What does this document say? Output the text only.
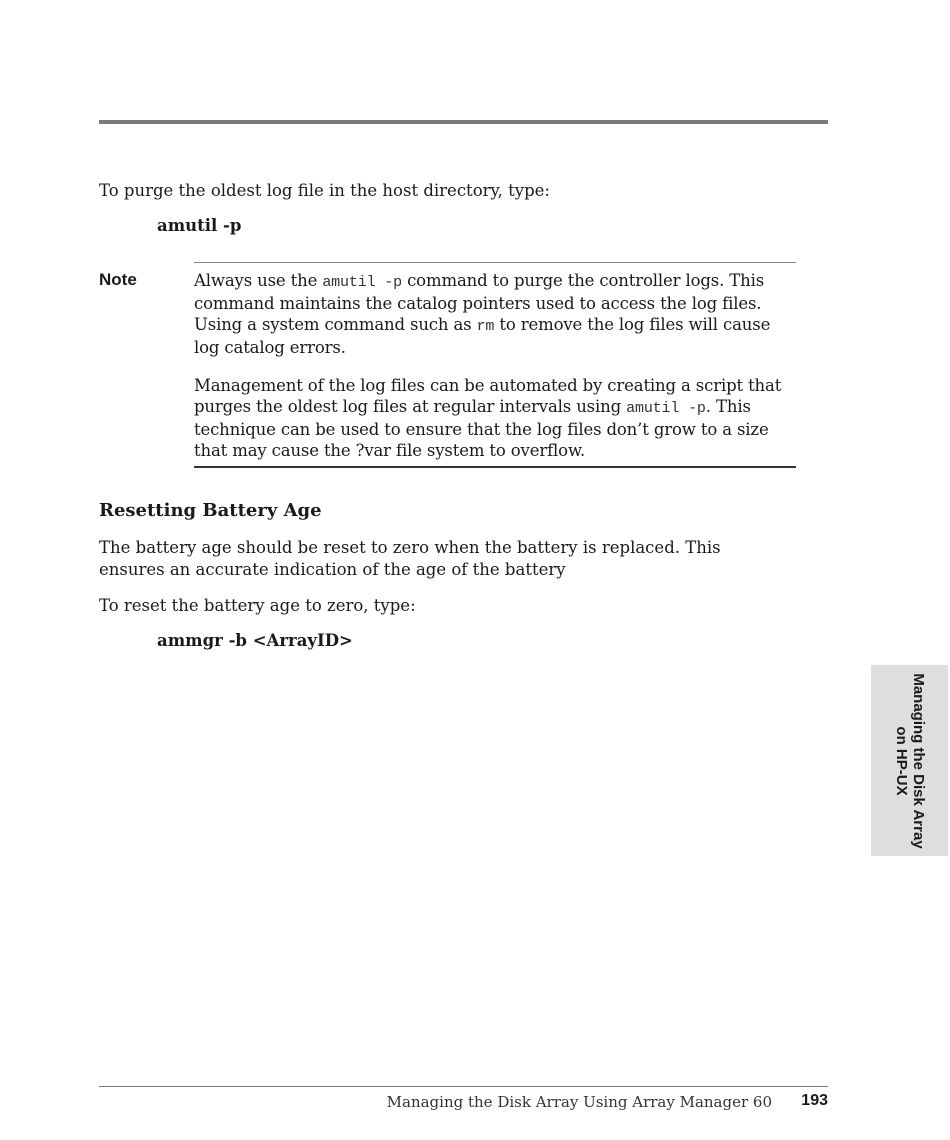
To purge the oldest log file in the host directory, type:

amutil -p

Note	Always use the amutil -p command to purge the controller logs. This command maintains the catalog pointers used to access the log files. Using a system command such as rm to remove the log files will cause log catalog errors.

Management of the log files can be automated by creating a script that purges the oldest log files at regular intervals using amutil -p. This technique can be used to ensure that the log files don’t grow to a size that may cause the ?var file system to overflow.

Resetting Battery Age

The battery age should be reset to zero when the battery is replaced. This ensures an accurate indication of the age of the battery

To reset the battery age to zero, type:

ammgr -b <ArrayID>

Managing the Disk Array
on HP-UX
Managing the Disk Array Using Array Manager 60 193
